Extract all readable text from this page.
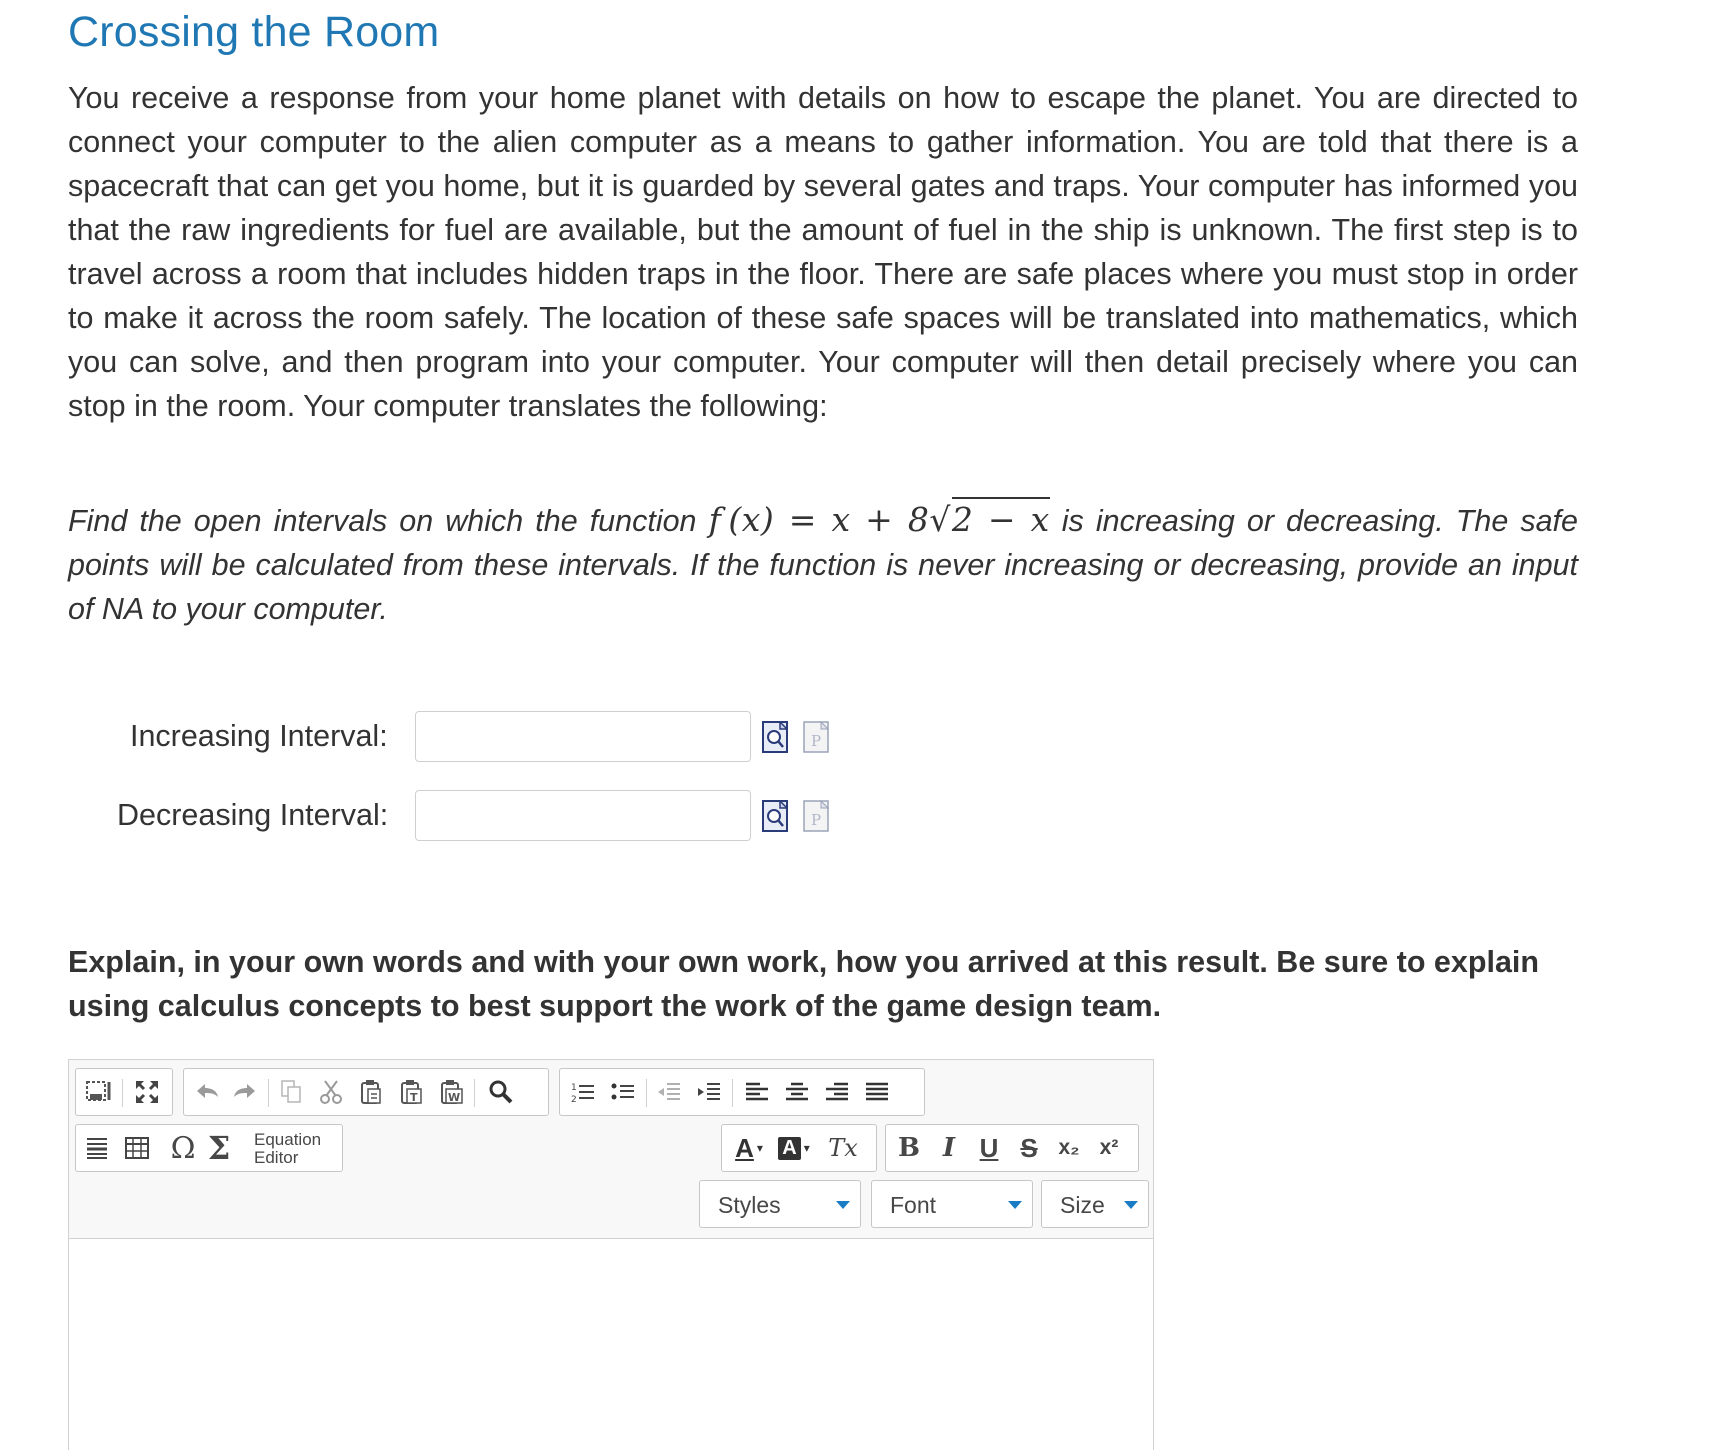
Crossing the Room

You receive a response from your home planet with details on how to escape the planet. You are directed to connect your computer to the alien computer as a means to gather information. You are told that there is a spacecraft that can get you home, but it is guarded by several gates and traps. Your computer has informed you that the raw ingredients for fuel are available, but the amount of fuel in the ship is unknown. The first step is to travel across a room that includes hidden traps in the floor. There are safe places where you must stop in order to make it across the room safely. The location of these safe spaces will be translated into mathematics, which you can solve, and then program into your computer. Your computer will then detail precisely where you can stop in the room. Your computer translates the following:

Find the open intervals on which the function f (x) = x + 8√2 − x is increasing or decreasing. The safe points will be calculated from these intervals. If the function is never increasing or decreasing, provide an input of NA to your computer.

Increasing Interval:	P
Decreasing Interval:	P

Explain, in your own words and with your own work, how you arrived at this result. Be sure to explain using calculus concepts to best support the work of the game design team.

T	W
1
2
Ω Σ	Equation
Editor	A ▾ A ▾ Tx B I U S x₂ x²
Styles	Font	Size
